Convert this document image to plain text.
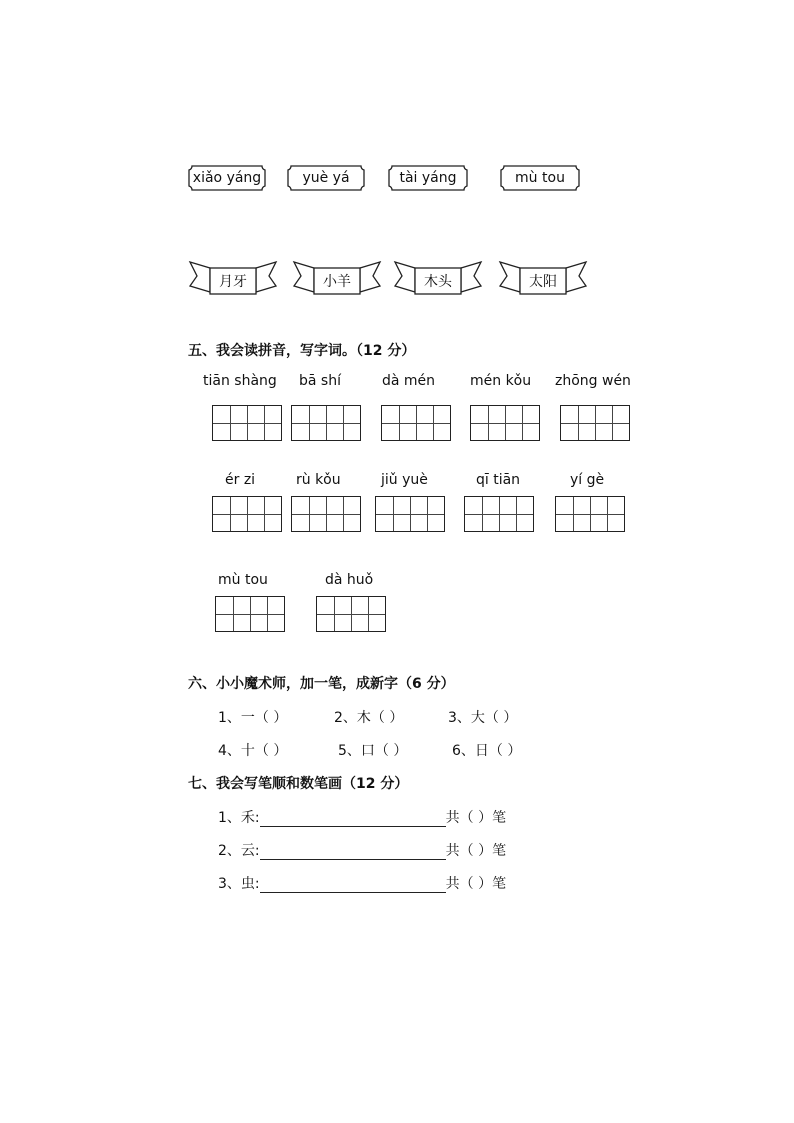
xiǎo yáng	yuè yá	tài yáng	mù tou
月牙	小羊	木头	太阳
五、我会读拼音，写字词。（12 分）
tiān shàng bā shí	dà mén mén kǒu zhōng wén
ér zi	rù kǒu	jiǔ yuè	qī tiān	yí gè
mù tou	dà huǒ
六、小小魔术师，加一笔，成新字（6 分）
1、一（ ）	2、木（ ）	3、大（ ）
4、十（ ）	5、口（ ）	6、日（ ）
七、我会写笔顺和数笔画（12 分）
1、禾:	共（ ）笔
2、云:	共（ ）笔
3、虫:	共（ ）笔
